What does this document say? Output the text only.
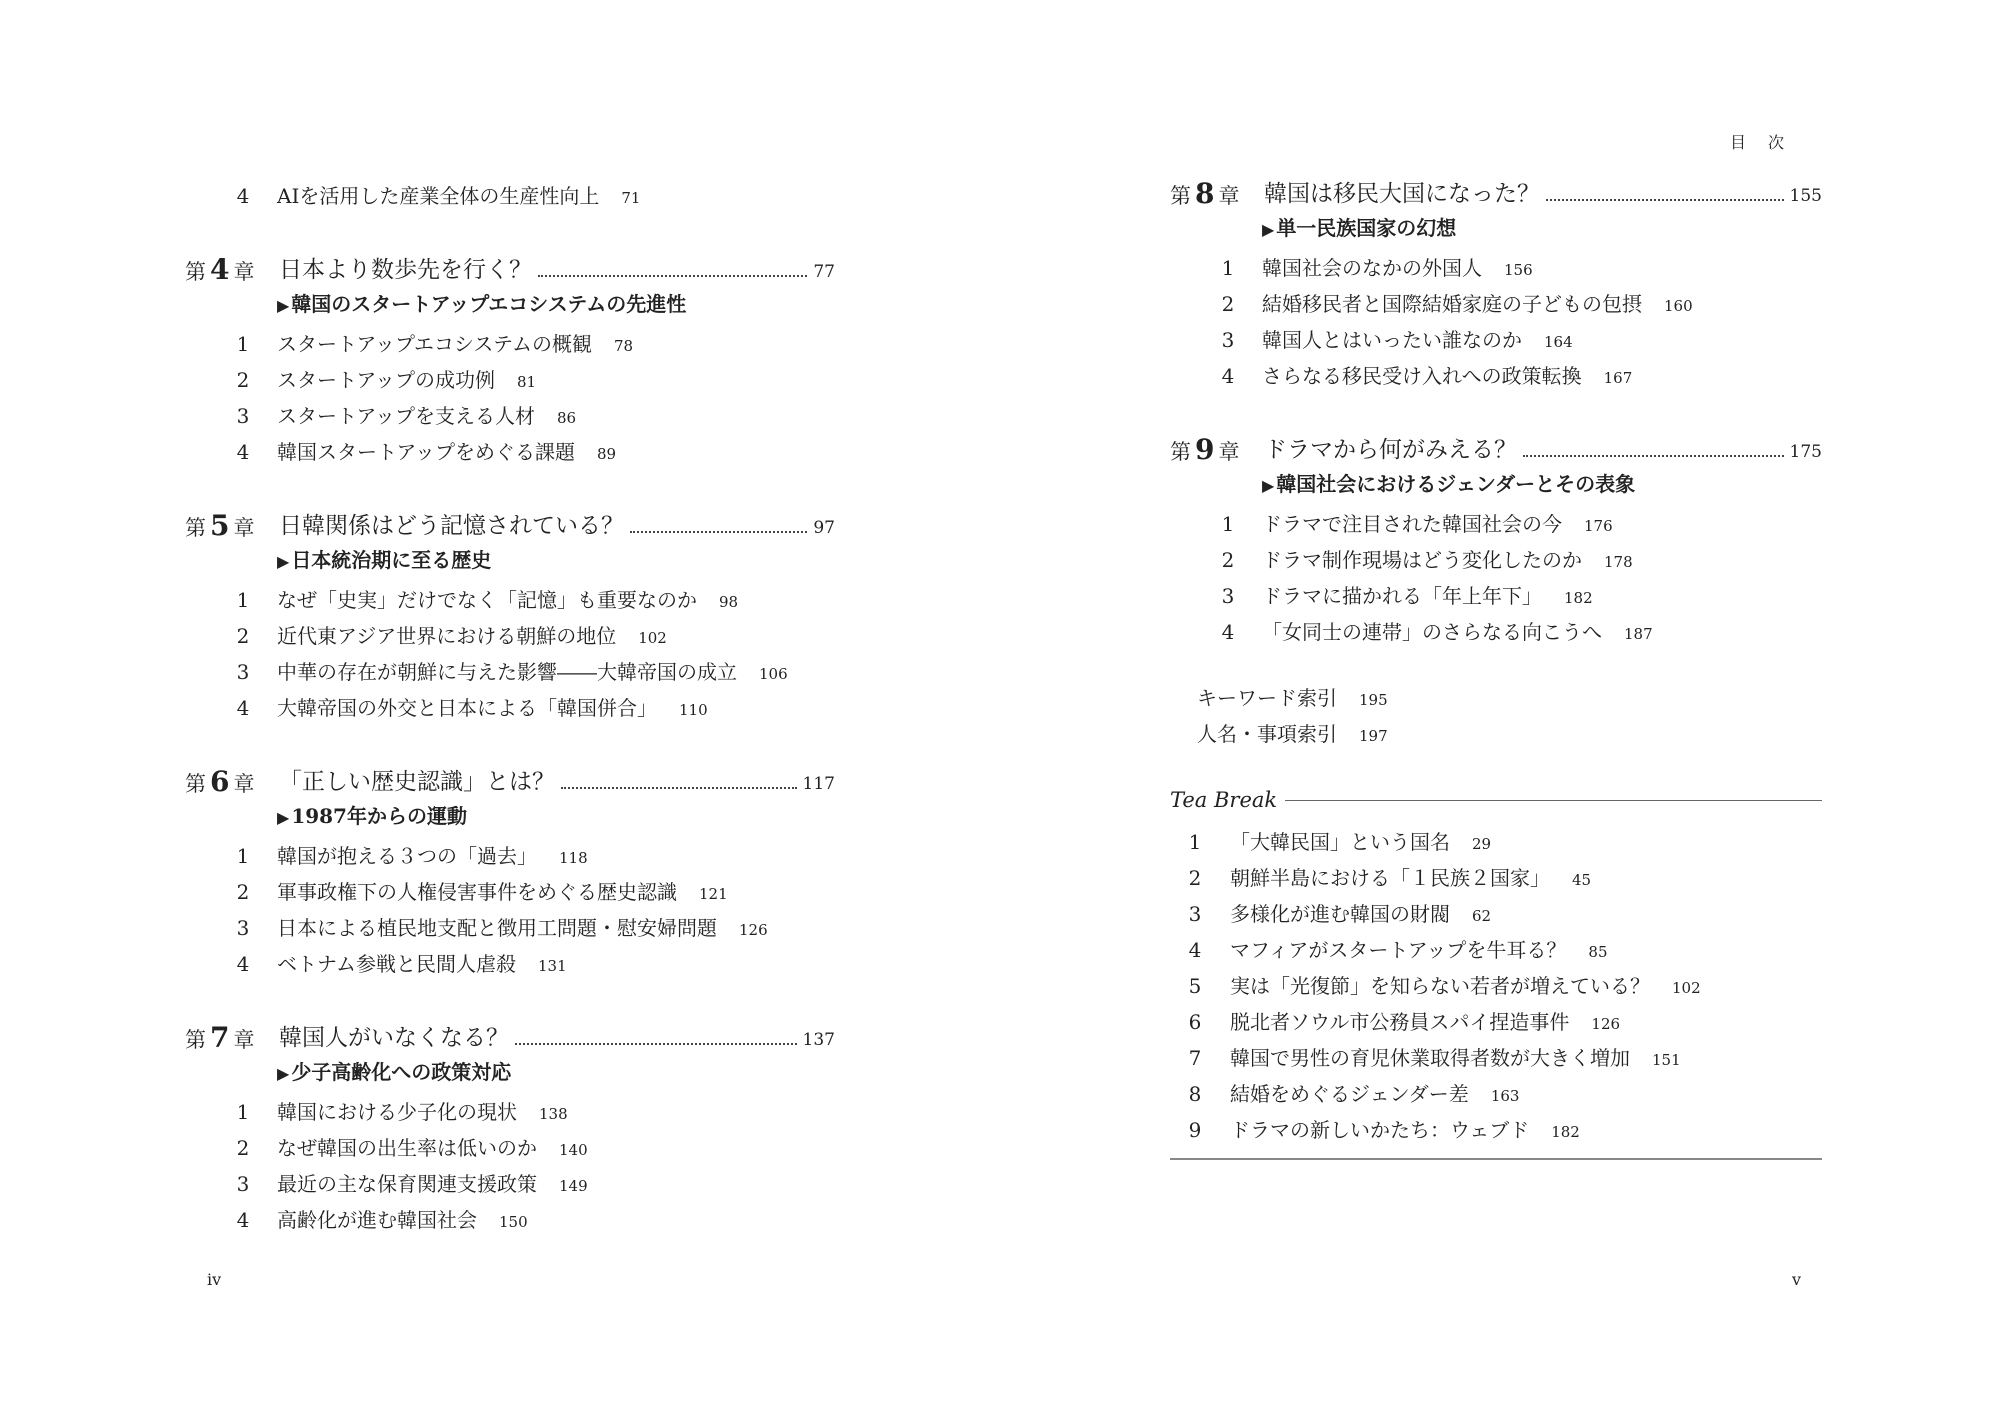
4 AIを活用した産業全体の生産性向上 71
第 4 章 日本より数歩先を行く？	77
▶ 韓国のスタートアップエコシステムの先進性
1 スタートアップエコシステムの概観 78
2 スタートアップの成功例 81
3 スタートアップを支える人材 86
4 韓国スタートアップをめぐる課題 89
第 5 章 日韓関係はどう記憶されている？	97
▶ 日本統治期に至る歴史
1 なぜ「史実」だけでなく「記憶」も重要なのか 98
2 近代東アジア世界における朝鮮の地位 102
3 中華の存在が朝鮮に与えた影響――大韓帝国の成立 106
4 大韓帝国の外交と日本による「韓国併合」 110
第 6 章 「正しい歴史認識」とは？	117
▶ 1987年からの運動
1 韓国が抱える３つの「過去」 118
2 軍事政権下の人権侵害事件をめぐる歴史認識 121
3 日本による植民地支配と徴用工問題・慰安婦問題 126
4 ベトナム参戦と民間人虐殺 131
第 7 章 韓国人がいなくなる？	137
▶ 少子高齢化への政策対応
1 韓国における少子化の現状 138
2 なぜ韓国の出生率は低いのか 140
3 最近の主な保育関連支援政策 149
4 高齢化が進む韓国社会 150
iv
目次
第 8 章 韓国は移民大国になった？	155
▶ 単一民族国家の幻想
1 韓国社会のなかの外国人 156
2 結婚移民者と国際結婚家庭の子どもの包摂 160
3 韓国人とはいったい誰なのか 164
4 さらなる移民受け入れへの政策転換 167
第 9 章 ドラマから何がみえる？	175
▶ 韓国社会におけるジェンダーとその表象
1 ドラマで注目された韓国社会の今 176
2 ドラマ制作現場はどう変化したのか 178
3 ドラマに描かれる「年上年下」 182
4 「女同士の連帯」のさらなる向こうへ 187
キーワード索引 195
人名・事項索引 197
Tea Break
1 「大韓民国」という国名 29
2 朝鮮半島における「１民族２国家」 45
3 多様化が進む韓国の財閥 62
4 マフィアがスタートアップを牛耳る？ 85
5 実は「光復節」を知らない若者が増えている？ 102
6 脱北者ソウル市公務員スパイ捏造事件 126
7 韓国で男性の育児休業取得者数が大きく増加 151
8 結婚をめぐるジェンダー差 163
9 ドラマの新しいかたち：ウェブド 182
v
